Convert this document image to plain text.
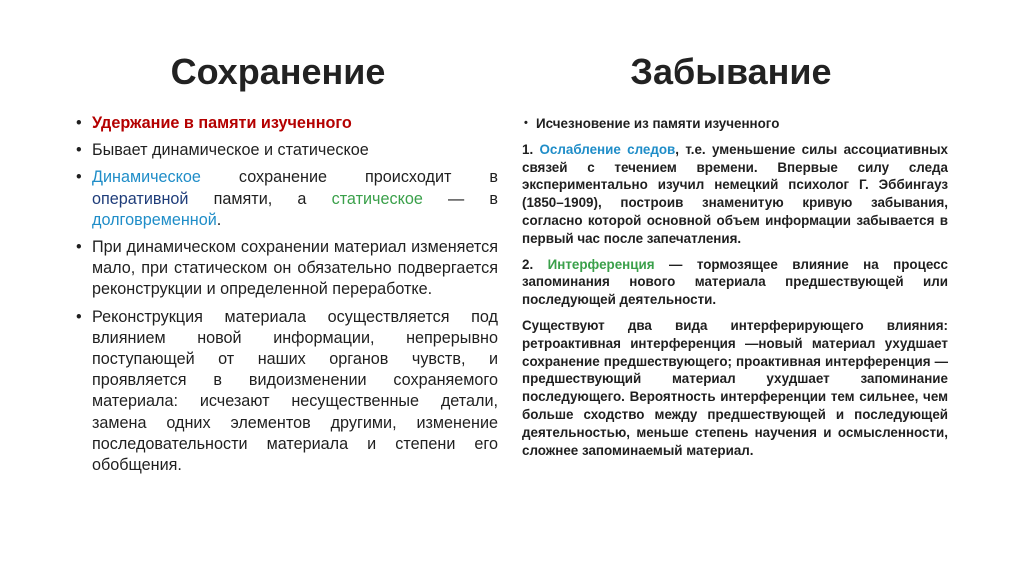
Сохранение
• Удержание в памяти изученного
• Бывает динамическое и статическое
• Динамическое сохранение происходит в оперативной памяти, а статическое — в долговременной.
• При динамическом сохранении материал изменяется мало, при статическом он обязательно подвергается реконструкции и определенной переработке.
• Реконструкция материала осуществляется под влиянием новой информации, непрерывно поступающей от наших органов чувств, и проявляется в видоизменении сохраняемого материала: исчезают несущественные детали, замена одних элементов другими, изменение последовательности материала и степени его обобщения.
Забывание

• Исчезновение из памяти изученного

1. Ослабление следов, т.е. уменьшение силы ассоциативных связей с течением времени. Впервые силу следа экспериментально изучил немецкий психолог Г. Эббингауз (1850–1909), построив знаменитую кривую забывания, согласно которой основной объем информации забывается в первый час после запечатления.

2. Интерференция — тормозящее влияние на процесс запоминания нового материала предшествующей или последующей деятельности.

Существуют два вида интерферирующего влияния: ретроактивная интерференция —новый материал ухудшает сохранение предшествующего; проактивная интерференция — предшествующий материал ухудшает запоминание последующего. Вероятность интерференции тем сильнее, чем больше сходство между предшествующей и последующей деятельностью, меньше степень научения и осмысленности, сложнее запоминаемый материал.
